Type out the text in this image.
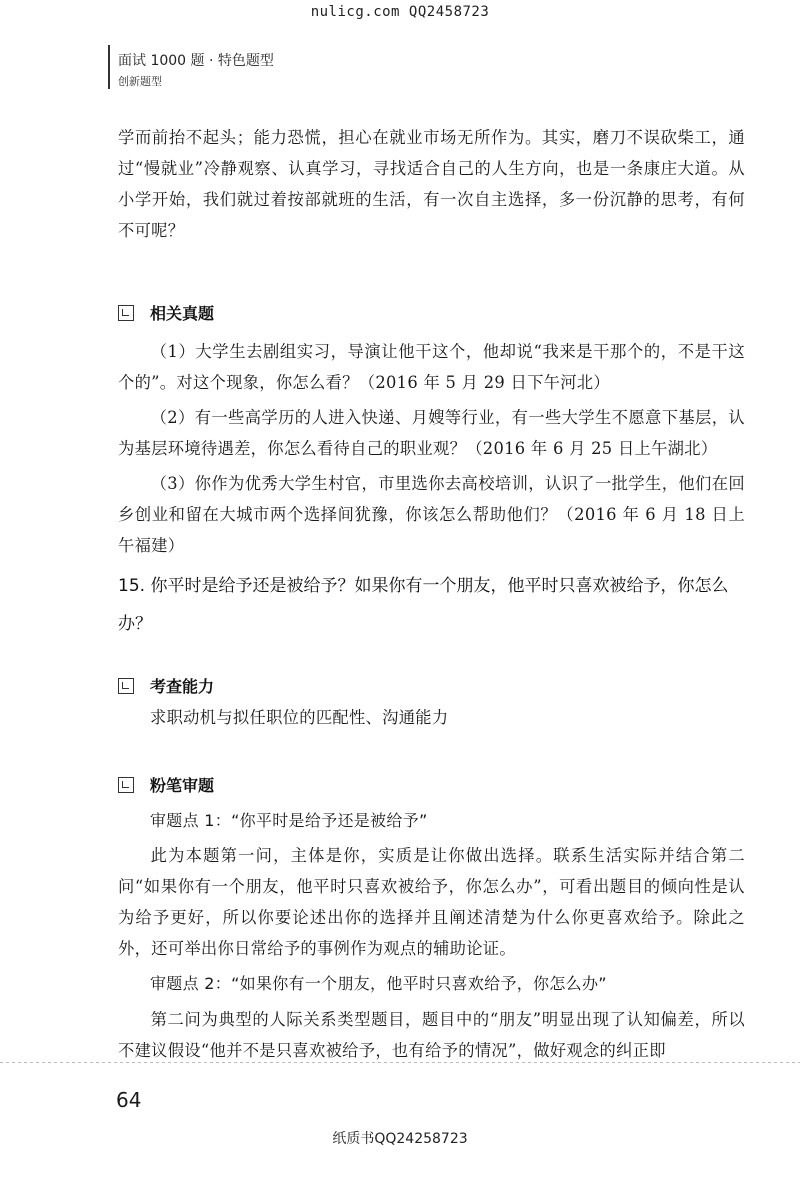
nulicg.com QQ2458723
面试 1000 题 · 特色题型
创新题型
学而前抬不起头；能力恐慌，担心在就业市场无所作为。其实，磨刀不误砍柴工，通过“慢就业”冷静观察、认真学习，寻找适合自己的人生方向，也是一条康庄大道。从小学开始，我们就过着按部就班的生活，有一次自主选择，多一份沉静的思考，有何不可呢？
相关真题
（1）大学生去剧组实习，导演让他干这个，他却说“我来是干那个的，不是干这个的”。对这个现象，你怎么看？（2016 年 5 月 29 日下午河北）
（2）有一些高学历的人进入快递、月嫂等行业，有一些大学生不愿意下基层，认为基层环境待遇差，你怎么看待自己的职业观？（2016 年 6 月 25 日上午湖北）
（3）你作为优秀大学生村官，市里选你去高校培训，认识了一批学生，他们在回乡创业和留在大城市两个选择间犹豫，你该怎么帮助他们？（2016 年 6 月 18 日上午福建）
15. 你平时是给予还是被给予？如果你有一个朋友，他平时只喜欢被给予，你怎么办？
考查能力
求职动机与拟任职位的匹配性、沟通能力
粉笔审题
审题点 1：“你平时是给予还是被给予”
此为本题第一问，主体是你，实质是让你做出选择。联系生活实际并结合第二问“如果你有一个朋友，他平时只喜欢被给予，你怎么办”，可看出题目的倾向性是认为给予更好，所以你要论述出你的选择并且阐述清楚为什么你更喜欢给予。除此之外，还可举出你日常给予的事例作为观点的辅助论证。
审题点 2：“如果你有一个朋友，他平时只喜欢给予，你怎么办”
第二问为典型的人际关系类型题目，题目中的“朋友”明显出现了认知偏差，所以不建议假设“他并不是只喜欢被给予，也有给予的情况”，做好观念的纠正即
64
纸质书QQ24258723
